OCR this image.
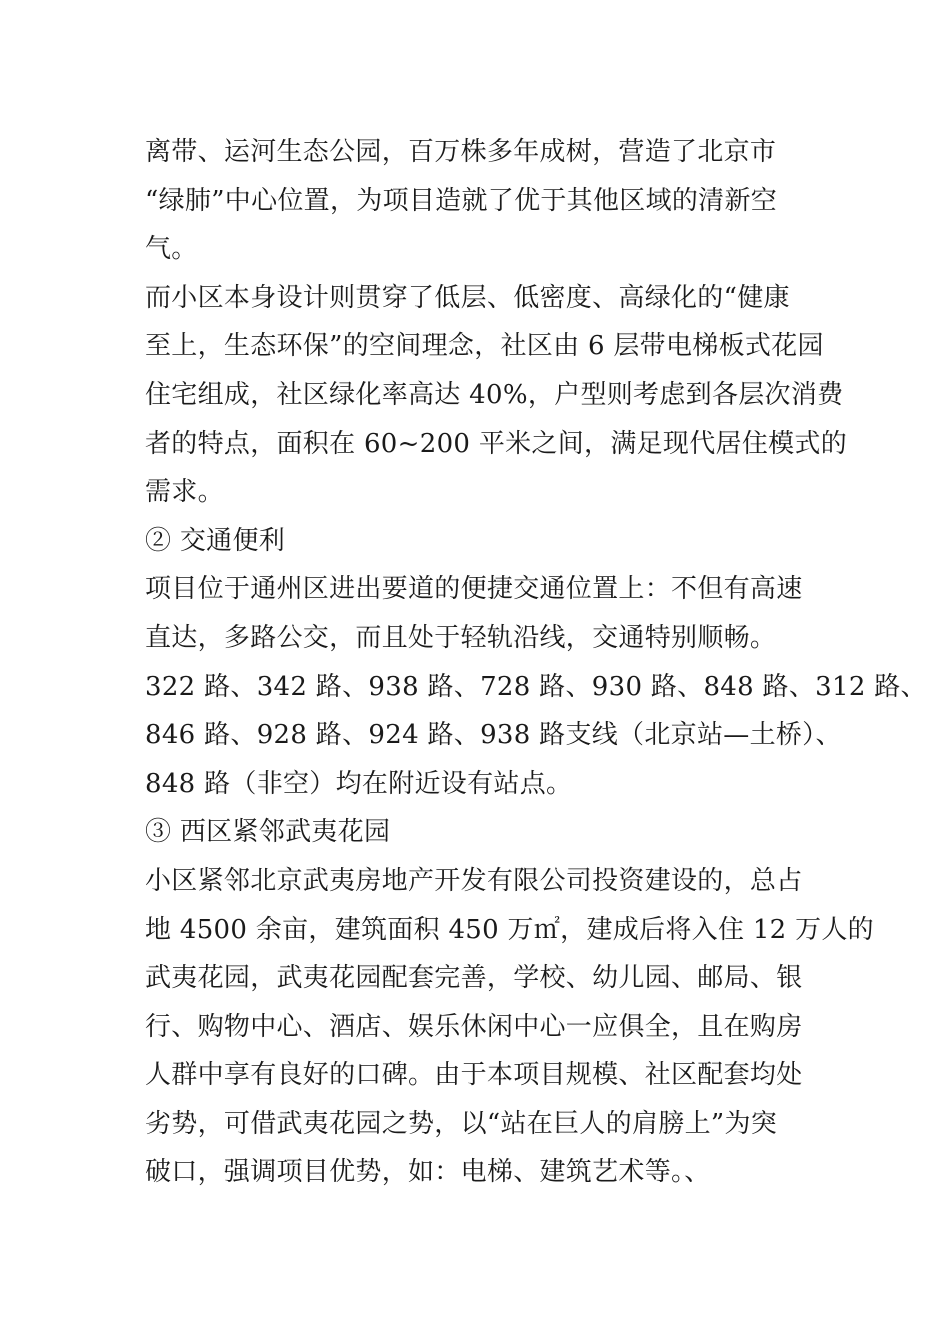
离带、运河生态公园，百万株多年成树，营造了北京市
“绿肺”中心位置，为项目造就了优于其他区域的清新空
气。
而小区本身设计则贯穿了低层、低密度、高绿化的“健康
至上，生态环保”的空间理念，社区由 6 层带电梯板式花园
住宅组成，社区绿化率高达 40%，户型则考虑到各层次消费
者的特点，面积在 60~200 平米之间，满足现代居住模式的
需求。
② 交通便利
项目位于通州区进出要道的便捷交通位置上：不但有高速
直达，多路公交，而且处于轻轨沿线，交通特别顺畅。
322 路、342 路、938 路、728 路、930 路、848 路、312 路、
846 路、928 路、924 路、938 路支线（北京站—土桥）、
848 路（非空）均在附近设有站点。
③ 西区紧邻武夷花园
小区紧邻北京武夷房地产开发有限公司投资建设的，总占
地 4500 余亩，建筑面积 450 万㎡，建成后将入住 12 万人的
武夷花园，武夷花园配套完善，学校、幼儿园、邮局、银
行、购物中心、酒店、娱乐休闲中心一应俱全，且在购房
人群中享有良好的口碑。由于本项目规模、社区配套均处
劣势，可借武夷花园之势，以“站在巨人的肩膀上”为突
破口，强调项目优势，如：电梯、建筑艺术等。、
